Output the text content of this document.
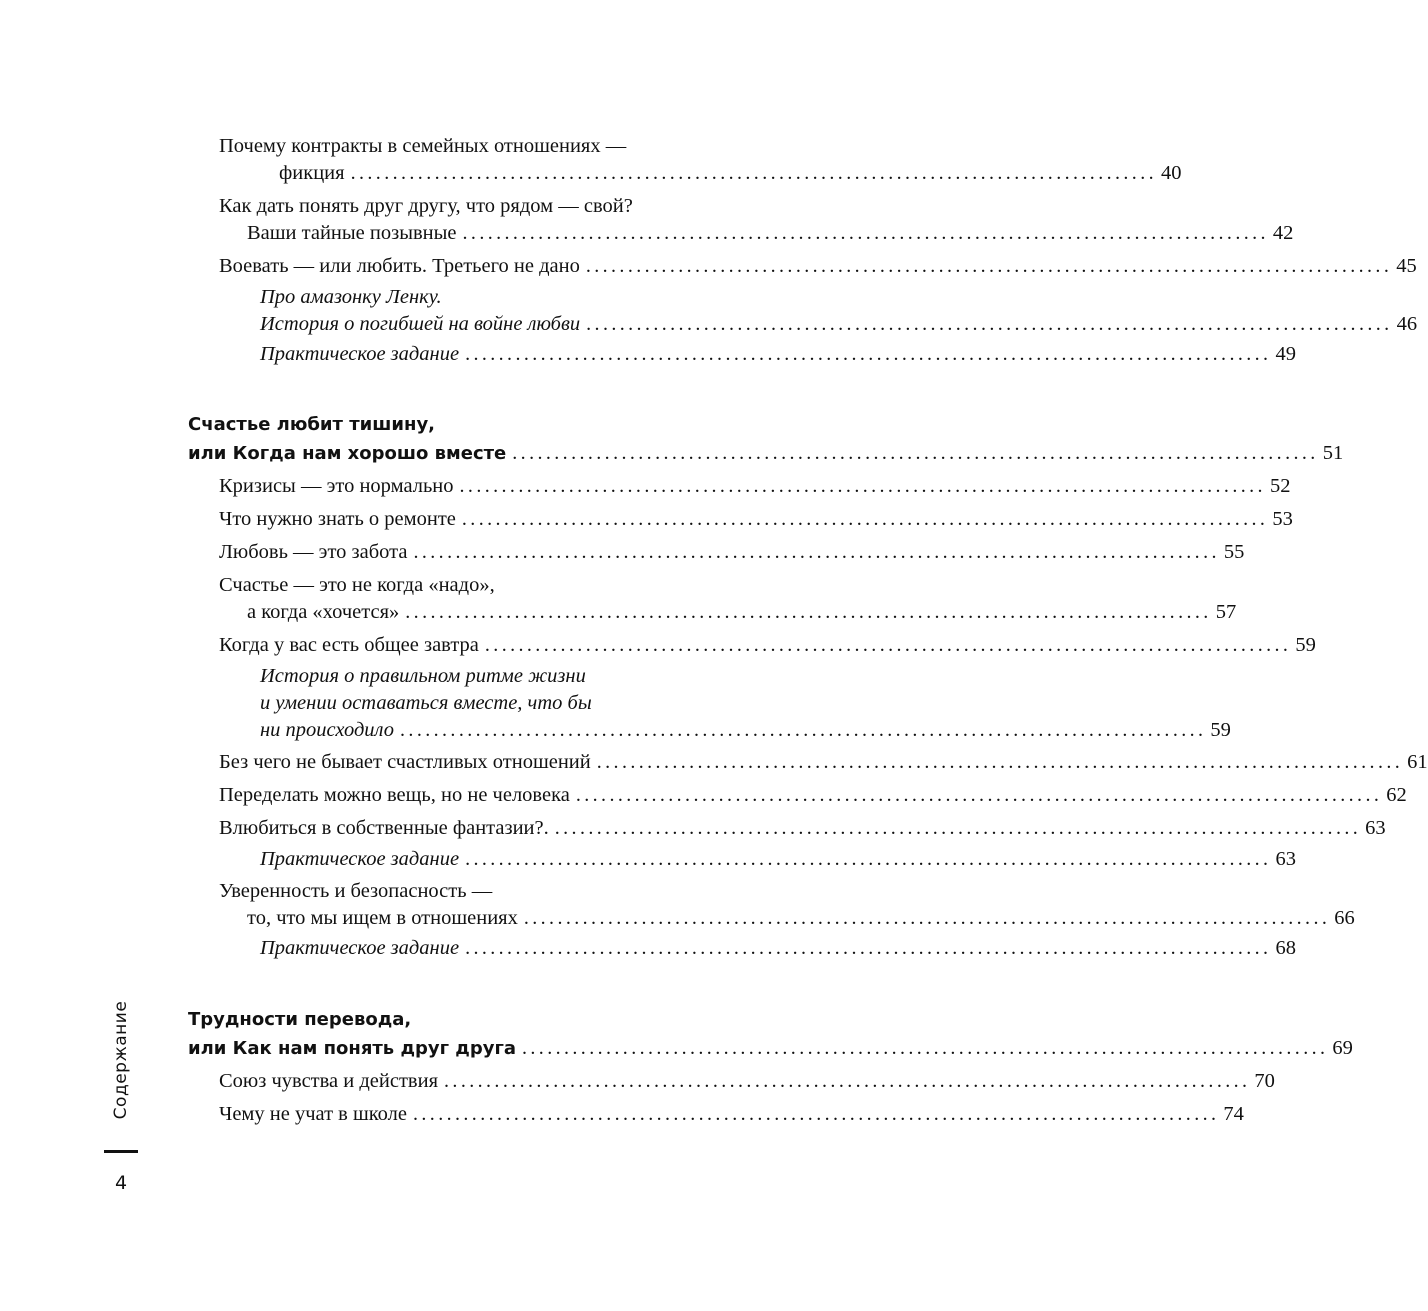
Почему контракты в семейных отношениях —
фикция ................................................................................................ 40
Как дать понять друг другу, что рядом — свой?
Ваши тайные позывные ................................................................................................ 42
Воевать — или любить. Третьего не дано ................................................................................................ 45
Про амазонку Ленку.
История о погибшей на войне любви ................................................................................................ 46
Практическое задание ................................................................................................ 49
Счастье любит тишину,
или Когда нам хорошо вместе ................................................................................................ 51
Кризисы — это нормально ................................................................................................ 52
Что нужно знать о ремонте ................................................................................................ 53
Любовь — это забота ................................................................................................ 55
Счастье — это не когда «надо»,
а когда «хочется» ................................................................................................ 57
Когда у вас есть общее завтра ................................................................................................ 59
История о правильном ритме жизни
и умении оставаться вместе, что бы
ни происходило ................................................................................................ 59
Без чего не бывает счастливых отношений ................................................................................................ 61
Переделать можно вещь, но не человека ................................................................................................ 62
Влюбиться в собственные фантазии?. ................................................................................................ 63
Практическое задание ................................................................................................ 63
Уверенность и безопасность —
то, что мы ищем в отношениях ................................................................................................ 66
Практическое задание ................................................................................................ 68
Трудности перевода,
или Как нам понять друг друга ................................................................................................ 69
Союз чувства и действия ................................................................................................ 70
Чему не учат в школе ................................................................................................ 74
Содержание
4
